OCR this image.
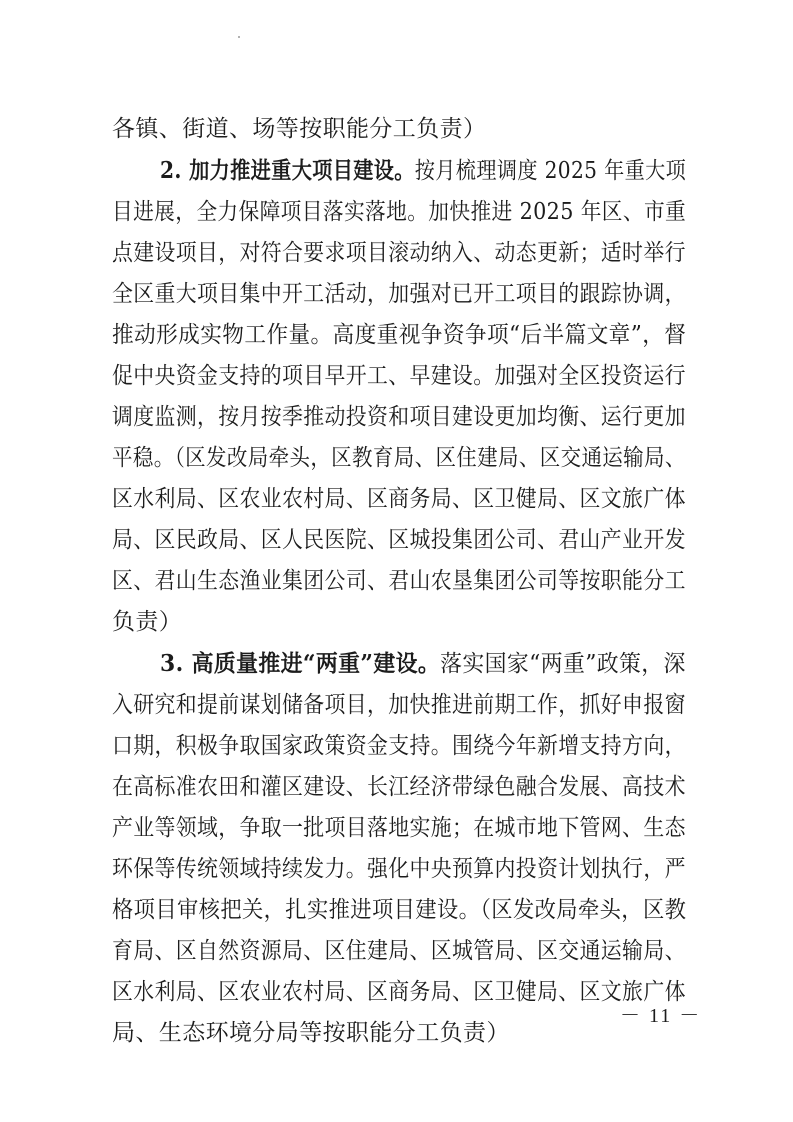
各镇、街道、场等按职能分工负责）
2. 加力推进重大项目建设。按月梳理调度 2025 年重大项
目进展，全力保障项目落实落地。加快推进 2025 年区、市重
点建设项目，对符合要求项目滚动纳入、动态更新；适时举行
全区重大项目集中开工活动，加强对已开工项目的跟踪协调，
推动形成实物工作量。高度重视争资争项“后半篇文章”，督
促中央资金支持的项目早开工、早建设。加强对全区投资运行
调度监测，按月按季推动投资和项目建设更加均衡、运行更加
平稳。（区发改局牵头，区教育局、区住建局、区交通运输局、
区水利局、区农业农村局、区商务局、区卫健局、区文旅广体
局、区民政局、区人民医院、区城投集团公司、君山产业开发
区、君山生态渔业集团公司、君山农垦集团公司等按职能分工
负责）
3. 高质量推进“两重”建设。落实国家“两重”政策，深
入研究和提前谋划储备项目，加快推进前期工作，抓好申报窗
口期，积极争取国家政策资金支持。围绕今年新增支持方向，
在高标准农田和灌区建设、长江经济带绿色融合发展、高技术
产业等领域，争取一批项目落地实施；在城市地下管网、生态
环保等传统领域持续发力。强化中央预算内投资计划执行，严
格项目审核把关，扎实推进项目建设。（区发改局牵头，区教
育局、区自然资源局、区住建局、区城管局、区交通运输局、
区水利局、区农业农村局、区商务局、区卫健局、区文旅广体
局、生态环境分局等按职能分工负责）
－ 11 －
